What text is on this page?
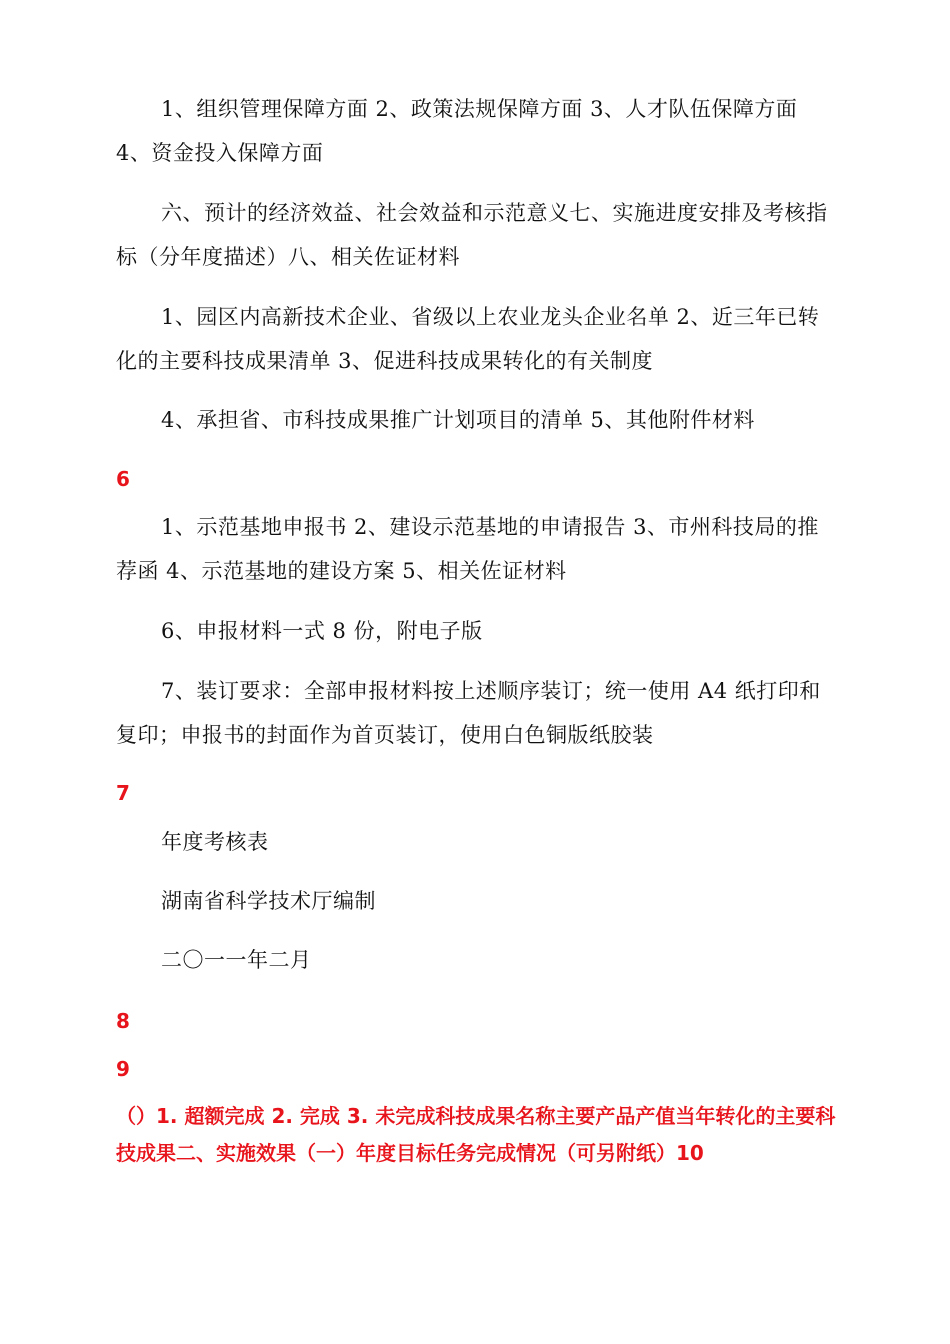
1、组织管理保障方面 2、政策法规保障方面 3、人才队伍保障方面 4、资金投入保障方面

六、预计的经济效益、社会效益和示范意义七、实施进度安排及考核指标（分年度描述）八、相关佐证材料

1、园区内高新技术企业、省级以上农业龙头企业名单 2、近三年已转化的主要科技成果清单 3、促进科技成果转化的有关制度

4、承担省、市科技成果推广计划项目的清单 5、其他附件材料

6

1、示范基地申报书 2、建设示范基地的申请报告 3、市州科技局的推荐函 4、示范基地的建设方案 5、相关佐证材料

6、申报材料一式 8 份，附电子版

7、装订要求：全部申报材料按上述顺序装订；统一使用 A4 纸打印和复印；申报书的封面作为首页装订，使用白色铜版纸胶装

7

年度考核表

湖南省科学技术厅编制

二〇一一年二月

8

9

（）1. 超额完成 2. 完成 3. 未完成科技成果名称主要产品产值当年转化的主要科技成果二、实施效果（一）年度目标任务完成情况（可另附纸）10
